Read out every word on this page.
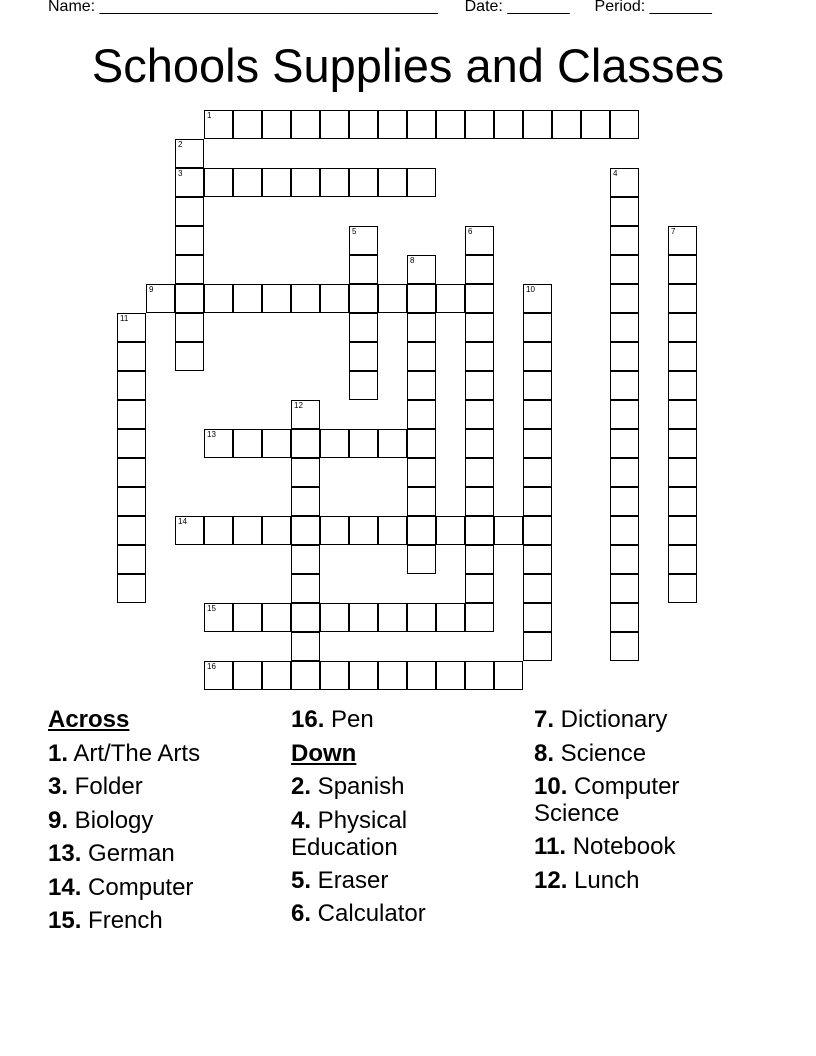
Name: ______________________________________ Date: _______ Period: _______
Schools Supplies and Classes
1
2
3	4
5	6	7
8
9	10
11
12
13
14
15
16
Across
1. Art/The Arts
3. Folder
9. Biology
13. German
14. Computer
15. French
16. Pen
Down
2. Spanish
4. Physical Education
5. Eraser
6. Calculator
7. Dictionary
8. Science
10. Computer Science
11. Notebook
12. Lunch
